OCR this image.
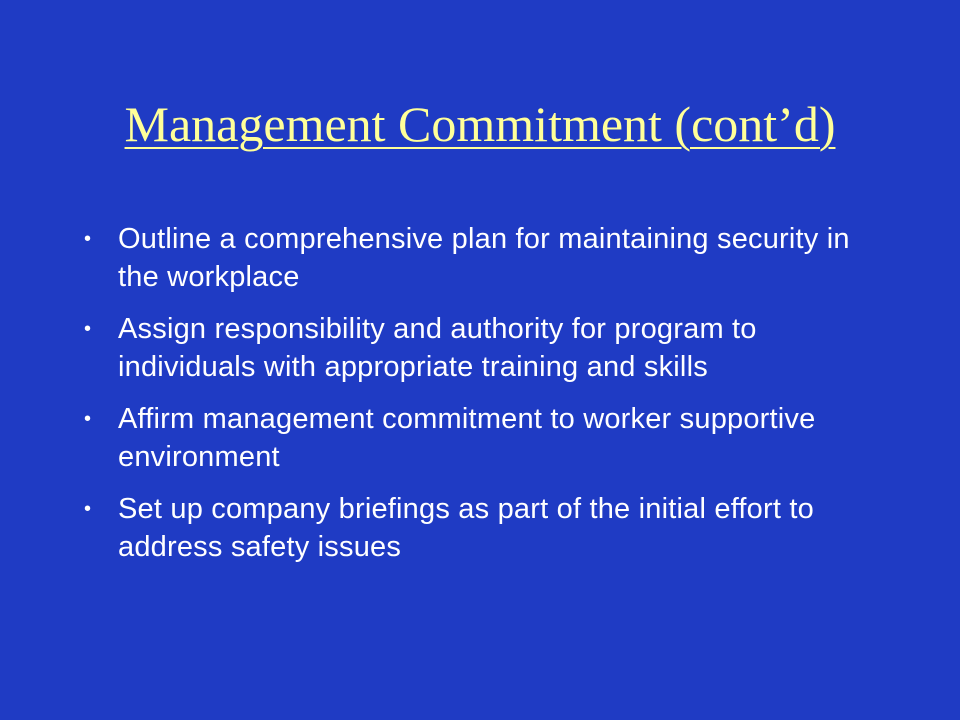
Management Commitment (cont’d)
• Outline a comprehensive plan for maintaining security in the workplace
• Assign responsibility and authority for program to individuals with appropriate training and skills
• Affirm management commitment to worker supportive environment
• Set up company briefings as part of the initial effort to address safety issues
